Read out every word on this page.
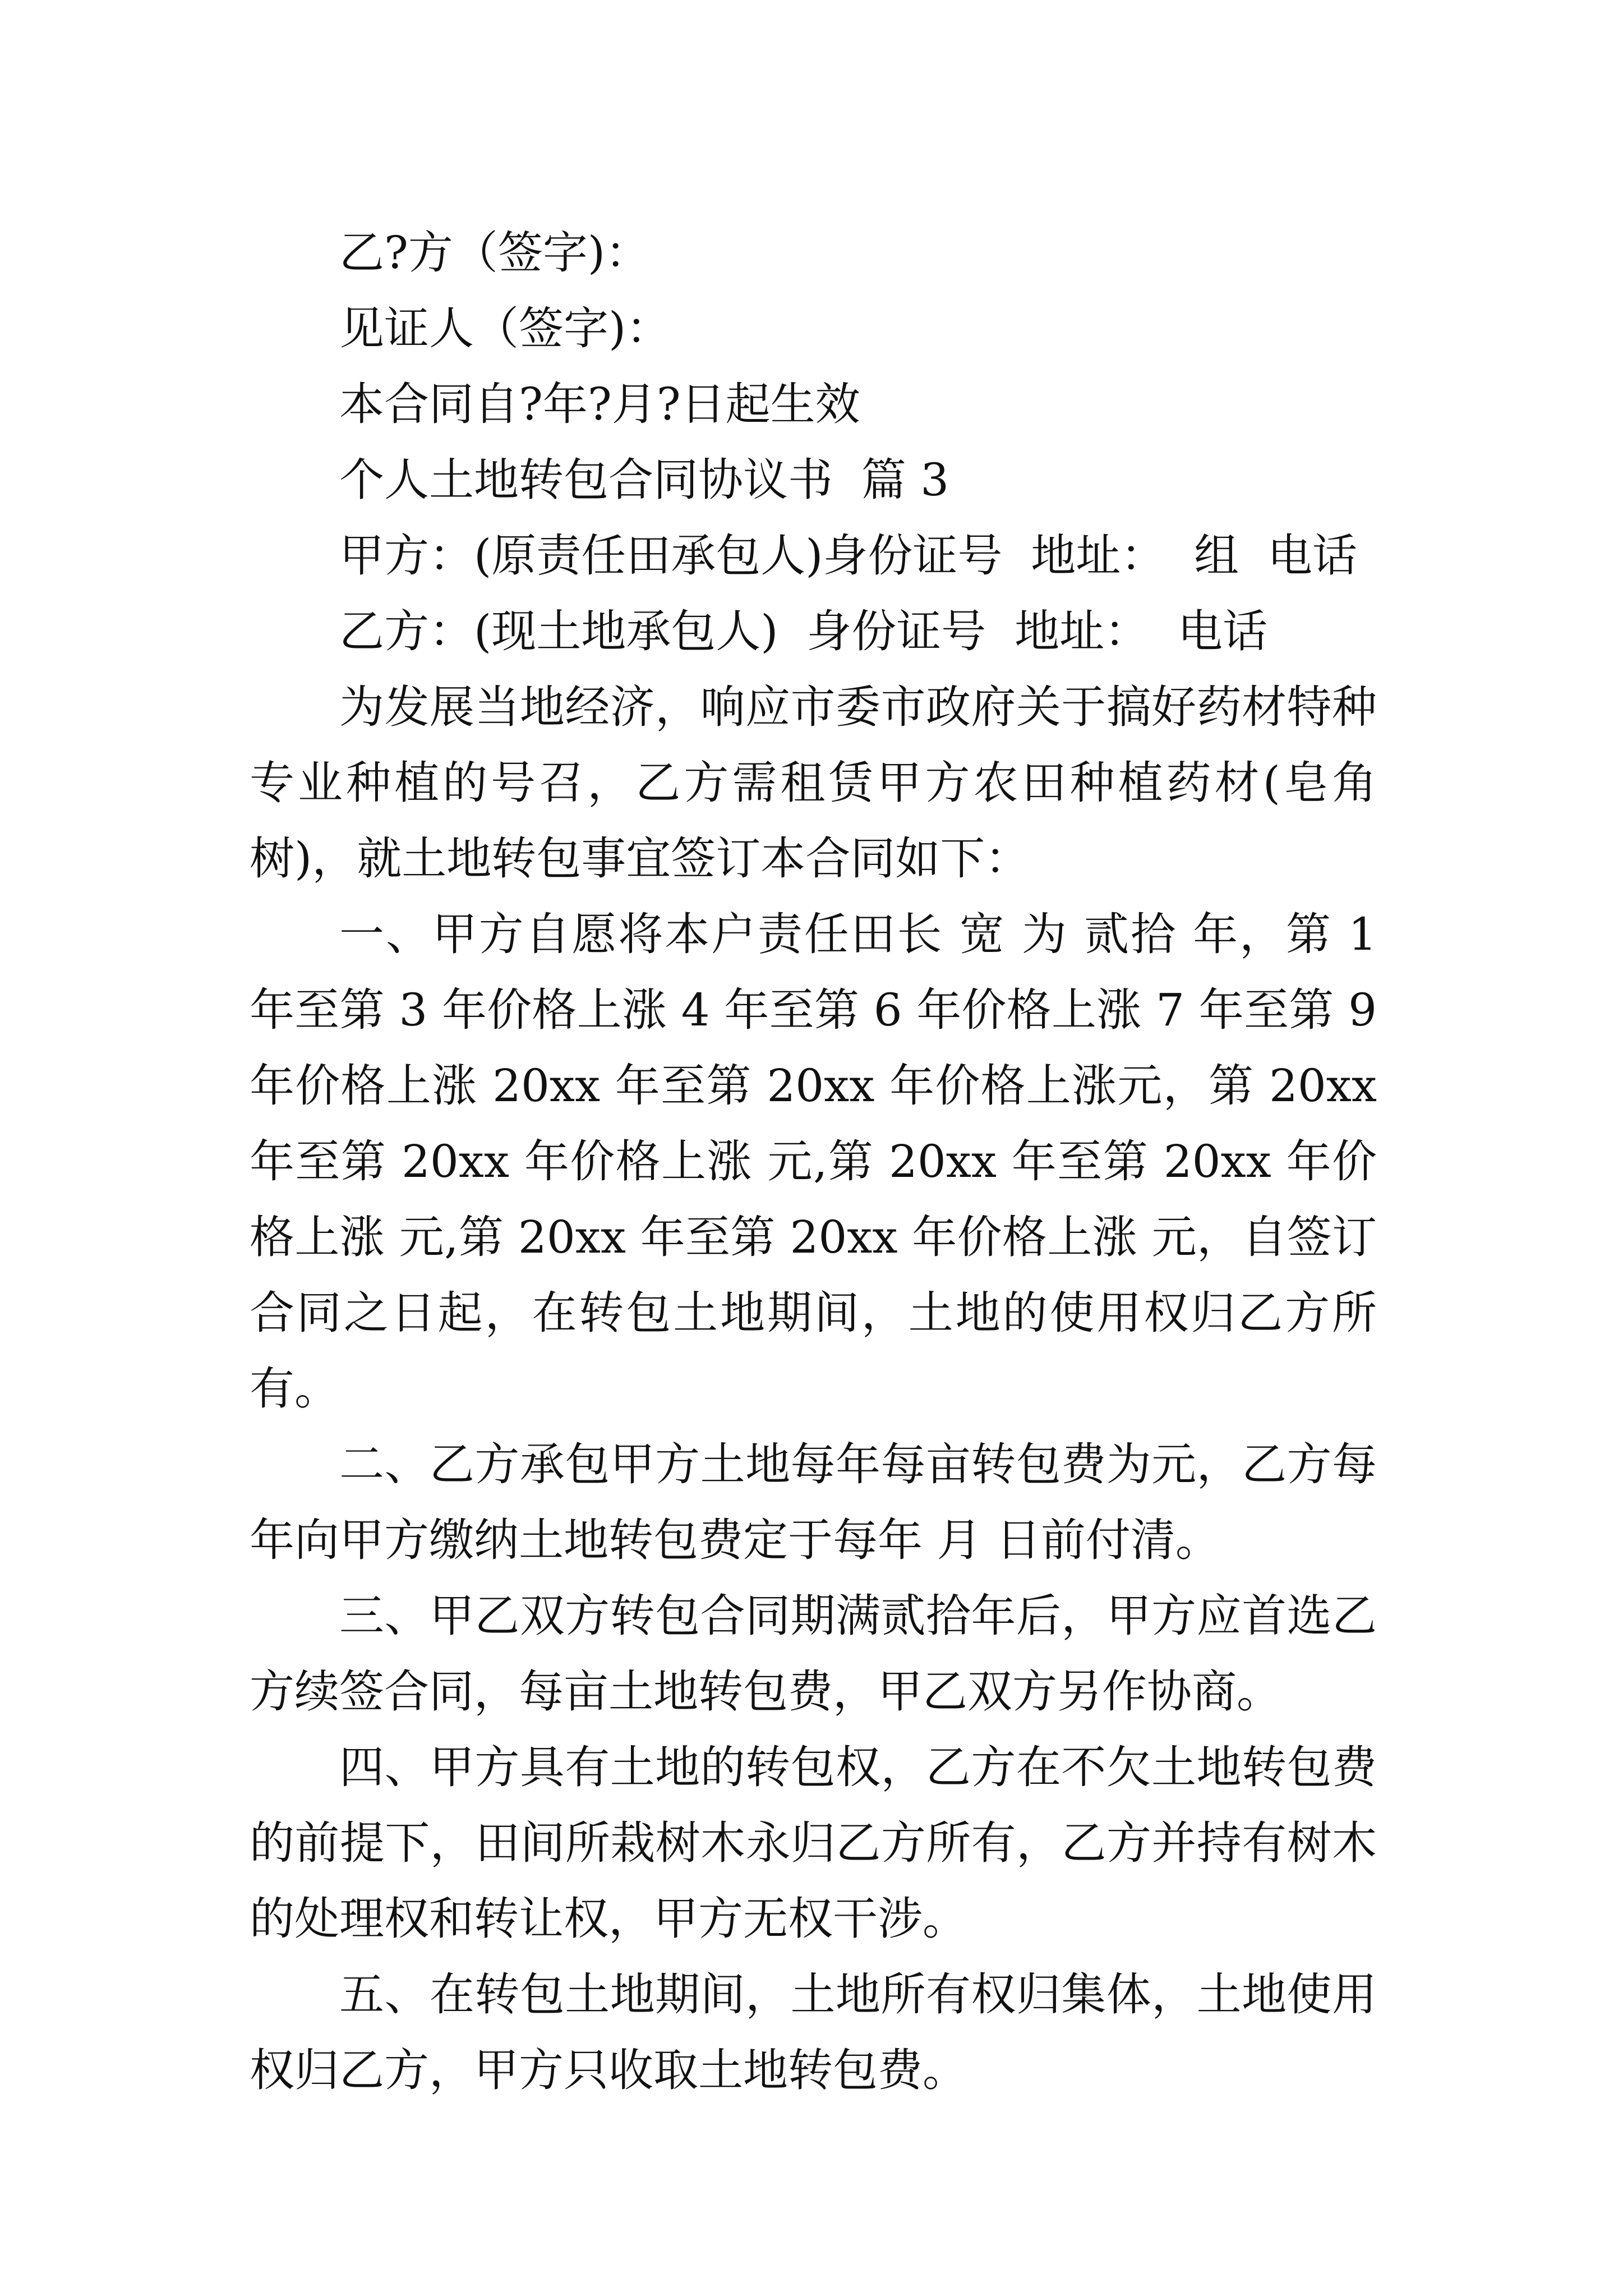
乙?方（签字)：

见证人（签字)：

本合同自?年?月?日起生效

个人土地转包合同协议书  篇 3

甲方：(原责任田承包人)身份证号  地址：  组  电话

乙方：(现土地承包人)  身份证号  地址：  电话

为发展当地经济，响应市委市政府关于搞好药材特种专业种植的号召，乙方需租赁甲方农田种植药材(皂角树)，就土地转包事宜签订本合同如下：

一、甲方自愿将本户责任田长 宽 为 贰拾 年，第 1 年至第 3 年价格上涨 4 年至第 6 年价格上涨 7 年至第 9 年价格上涨 20xx 年至第 20xx 年价格上涨元，第 20xx 年至第 20xx 年价格上涨 元,第 20xx 年至第 20xx 年价格上涨 元,第 20xx 年至第 20xx 年价格上涨 元，自签订合同之日起，在转包土地期间，土地的使用权归乙方所有。

二、乙方承包甲方土地每年每亩转包费为元，乙方每年向甲方缴纳土地转包费定于每年 月 日前付清。

三、甲乙双方转包合同期满贰拾年后，甲方应首选乙方续签合同，每亩土地转包费，甲乙双方另作协商。

四、甲方具有土地的转包权，乙方在不欠土地转包费的前提下，田间所栽树木永归乙方所有，乙方并持有树木的处理权和转让权，甲方无权干涉。

五、在转包土地期间，土地所有权归集体，土地使用权归乙方，甲方只收取土地转包费。
